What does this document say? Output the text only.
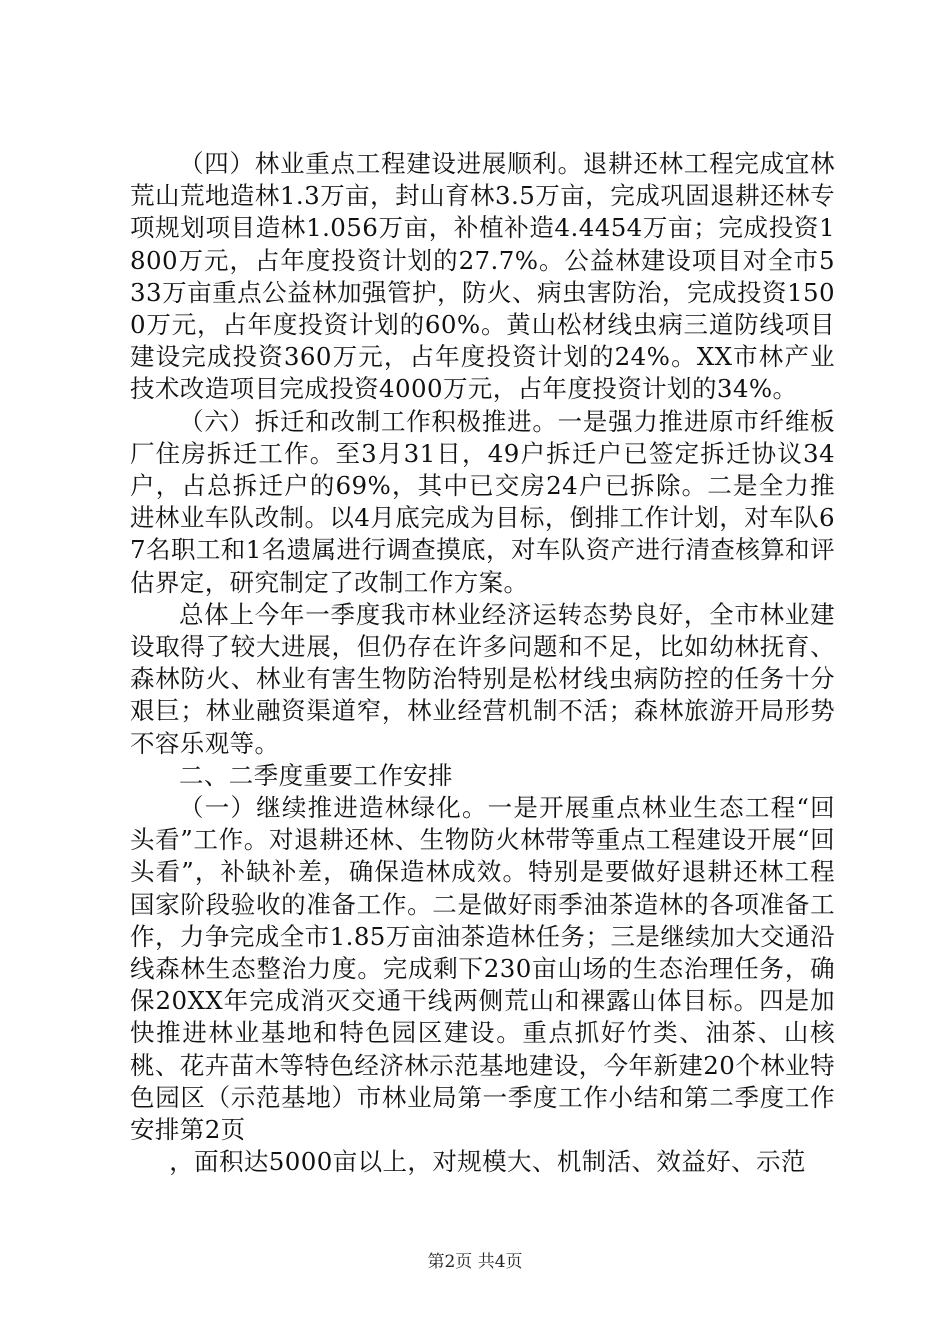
（四）林业重点工程建设进展顺利。退耕还林工程完成宜林荒山荒地造林1.3万亩，封山育林3.5万亩，完成巩固退耕还林专项规划项目造林1.056万亩，补植补造4.4454万亩；完成投资1800万元，占年度投资计划的27.7%。公益林建设项目对全市533万亩重点公益林加强管护，防火、病虫害防治，完成投资1500万元，占年度投资计划的60%。黄山松材线虫病三道防线项目建设完成投资360万元，占年度投资计划的24%。XX市林产业技术改造项目完成投资4000万元，占年度投资计划的34%。

（六）拆迁和改制工作积极推进。一是强力推进原市纤维板厂住房拆迁工作。至3月31日，49户拆迁户已签定拆迁协议34户，占总拆迁户的69%，其中已交房24户已拆除。二是全力推进林业车队改制。以4月底完成为目标，倒排工作计划，对车队67名职工和1名遗属进行调查摸底，对车队资产进行清查核算和评估界定，研究制定了改制工作方案。

总体上今年一季度我市林业经济运转态势良好，全市林业建设取得了较大进展，但仍存在许多问题和不足，比如幼林抚育、森林防火、林业有害生物防治特别是松材线虫病防控的任务十分艰巨；林业融资渠道窄，林业经营机制不活；森林旅游开局形势不容乐观等。

二、二季度重要工作安排

（一）继续推进造林绿化。一是开展重点林业生态工程“回头看”工作。对退耕还林、生物防火林带等重点工程建设开展“回头看”，补缺补差，确保造林成效。特别是要做好退耕还林工程国家阶段验收的准备工作。二是做好雨季油茶造林的各项准备工作，力争完成全市1.85万亩油茶造林任务；三是继续加大交通沿线森林生态整治力度。完成剩下230亩山场的生态治理任务，确保20XX年完成消灭交通干线两侧荒山和裸露山体目标。四是加快推进林业基地和特色园区建设。重点抓好竹类、油茶、山核桃、花卉苗木等特色经济林示范基地建设，今年新建20个林业特色园区（示范基地）市林业局第一季度工作小结和第二季度工作安排第2页

，面积达5000亩以上，对规模大、机制活、效益好、示范

第2页 共4页
